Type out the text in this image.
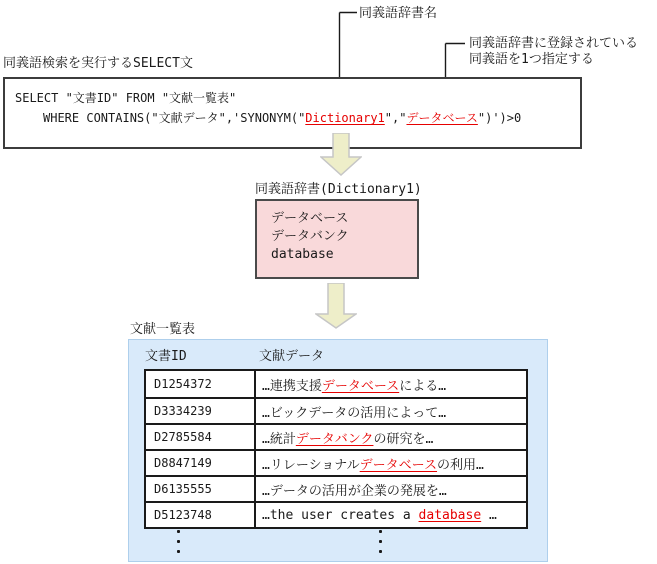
同義語辞書名
同義語辞書に登録されている
同義語を1つ指定する
同義語検索を実行するSELECT文
SELECT "文書ID" FROM "文献一覧表"
WHERE CONTAINS("文献データ",'SYNONYM("Dictionary1","データベース")')>0
同義語辞書(Dictionary1)
データベース
データバンク
database
文献一覧表
文書ID	文献データ
D1254372	…連携支援 データベース による…
D3334239	…ビックデータの活用によって…
D2785584	…統計 データバンク の研究を…
D8847149	…リレーショナル データベース の利用…
D6135555	…データの活用が企業の発展を…
D5123748	…the user creates a database …
